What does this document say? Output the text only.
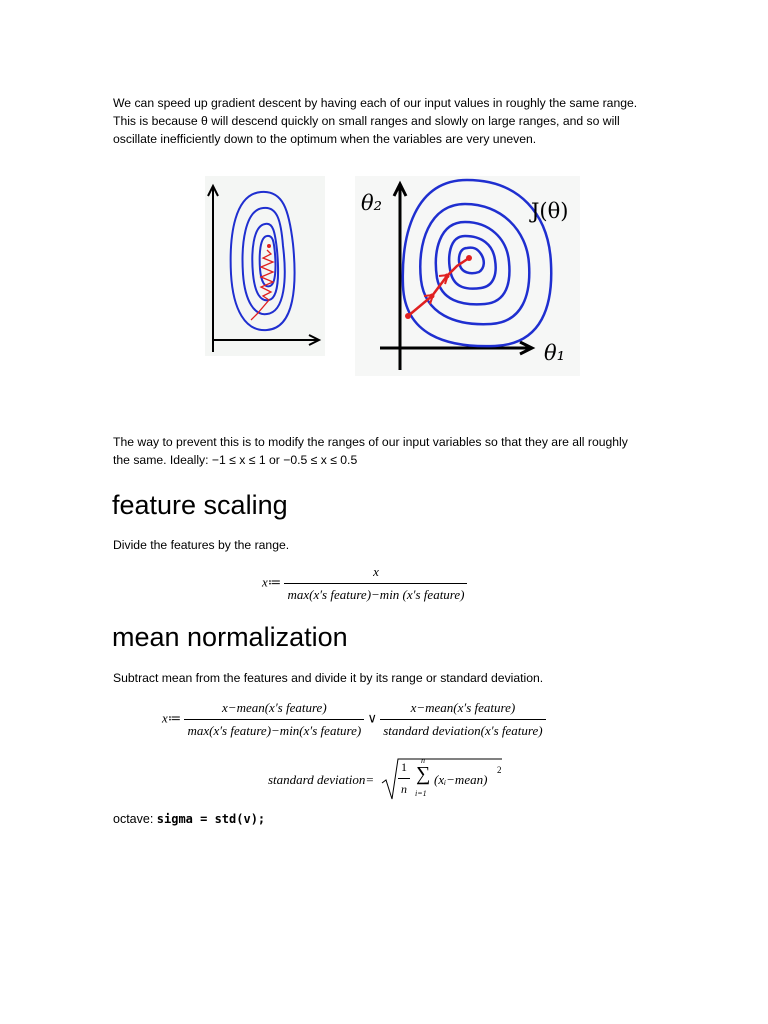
We can speed up gradient descent by having each of our input values in roughly the same range.
This is because θ will descend quickly on small ranges and slowly on large ranges, and so will
oscillate inefficiently down to the optimum when the variables are very uneven.
θ₂	J(θ)
θ₁
The way to prevent this is to modify the ranges of our input variables so that they are all roughly
the same. Ideally: −1 ≤ x ≤ 1 or −0.5 ≤ x ≤ 0.5
feature scaling
Divide the features by the range.
x≔ $\frac{x}{\text{max(x′s feature)−min (x′s feature)}}$
mean normalization
Subtract mean from the features and divide it by its range or standard deviation.
x≔ $\frac{\text{x−mean(x′s feature)}}{\text{max(x′s feature)−min(x′s feature)}}$ ∨ $\frac{\text{x−mean(x′s feature)}}{\text{standard deviation(x′s feature)}}$
standard deviation= $\frac{1}{n}$ n
∑
i=1
(xᵢ−mean)
2
octave: sigma = std(v);
